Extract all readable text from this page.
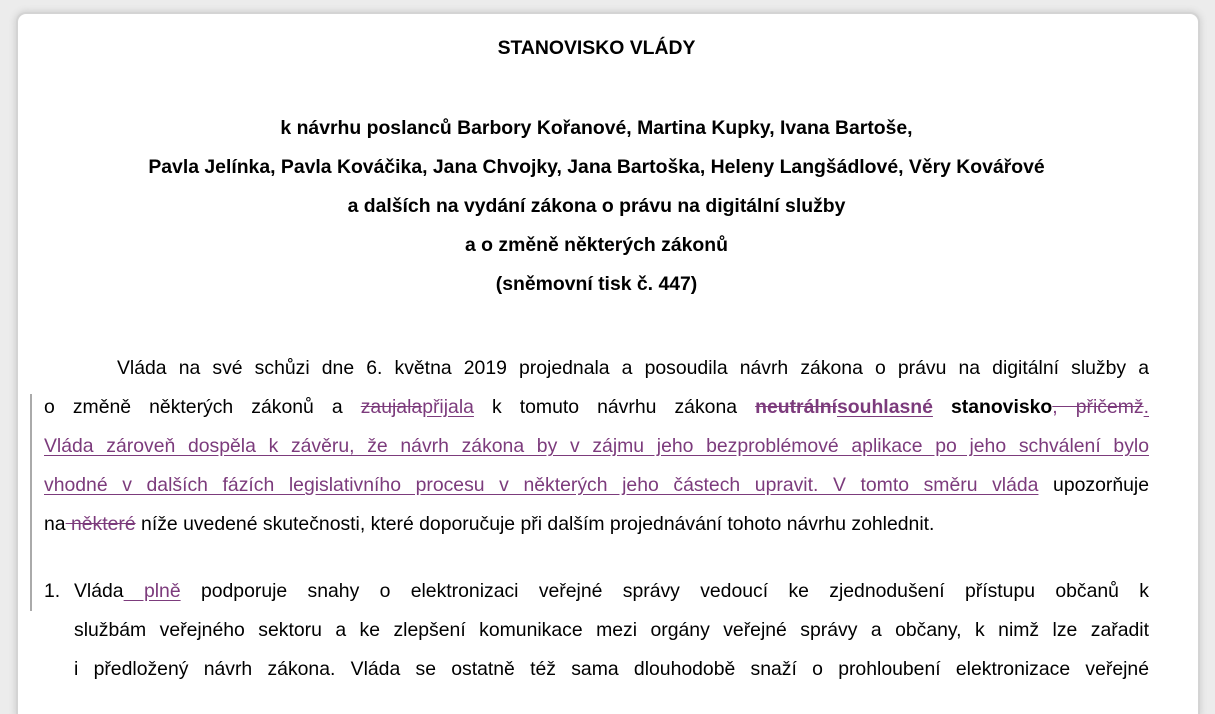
STANOVISKO VLÁDY
k návrhu poslanců Barbory Kořanové, Martina Kupky, Ivana Bartoše,
Pavla Jelínka, Pavla Kováčika, Jana Chvojky, Jana Bartoška, Heleny Langšádlové, Věry Kovářové
a dalších na vydání zákona o právu na digitální služby
a o změně některých zákonů
(sněmovní tisk č. 447)
Vláda na své schůzi dne 6. května 2019 projednala a posoudila návrh zákona o právu na digitální služby a
o změně některých zákonů a zaujalapřijala k tomuto návrhu zákona neutrálnísouhlasné stanovisko, přičemž.
Vláda zároveň dospěla k závěru, že návrh zákona by v zájmu jeho bezproblémové aplikace po jeho schválení bylo
vhodné v dalších fázích legislativního procesu v některých jeho částech upravit. V tomto směru vláda upozorňuje
na některé níže uvedené skutečnosti, které doporučuje při dalším projednávání tohoto návrhu zohlednit.
1. Vláda plně podporuje snahy o elektronizaci veřejné správy vedoucí ke zjednodušení přístupu občanů k
službám veřejného sektoru a ke zlepšení komunikace mezi orgány veřejné správy a občany, k nimž lze zařadit
i předložený návrh zákona. Vláda se ostatně též sama dlouhodobě snaží o prohloubení elektronizace veřejné
